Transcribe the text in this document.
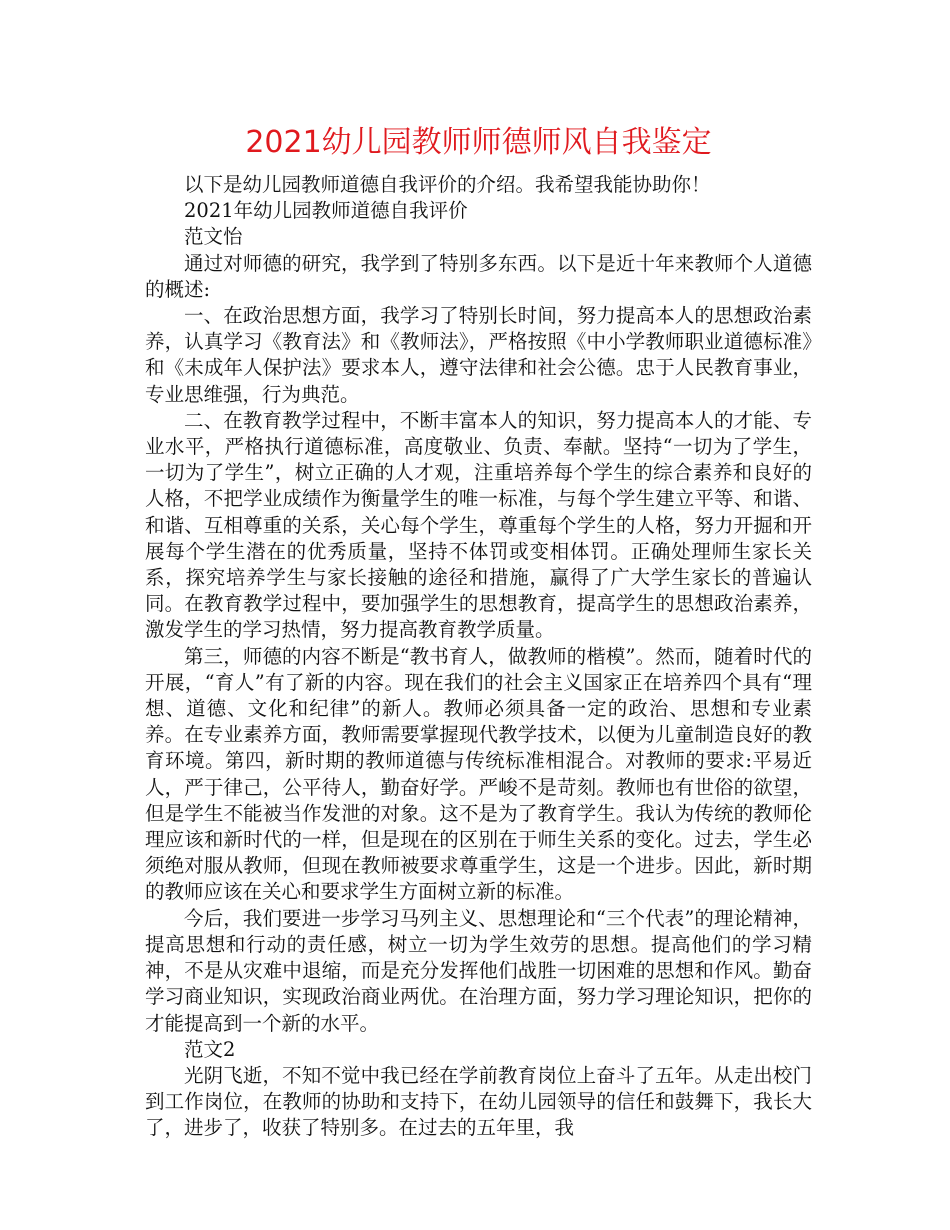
2021幼儿园教师师德师风自我鉴定

以下是幼儿园教师道德自我评价的介绍。我希望我能协助你！

2021年幼儿园教师道德自我评价

范文怡

通过对师德的研究，我学到了特别多东西。以下是近十年来教师个人道德的概述:

一、在政治思想方面，我学习了特别长时间，努力提高本人的思想政治素养，认真学习《教育法》和《教师法》，严格按照《中小学教师职业道德标准》和《未成年人保护法》要求本人，遵守法律和社会公德。忠于人民教育事业，专业思维强，行为典范。

二、在教育教学过程中，不断丰富本人的知识，努力提高本人的才能、专业水平，严格执行道德标准，高度敬业、负责、奉献。坚持“一切为了学生，一切为了学生”，树立正确的人才观，注重培养每个学生的综合素养和良好的人格，不把学业成绩作为衡量学生的唯一标准，与每个学生建立平等、和谐、和谐、互相尊重的关系，关心每个学生，尊重每个学生的人格，努力开掘和开展每个学生潜在的优秀质量，坚持不体罚或变相体罚。正确处理师生家长关系，探究培养学生与家长接触的途径和措施，赢得了广大学生家长的普遍认同。在教育教学过程中，要加强学生的思想教育，提高学生的思想政治素养，激发学生的学习热情，努力提高教育教学质量。

第三，师德的内容不断是“教书育人，做教师的楷模”。然而，随着时代的开展，“育人”有了新的内容。现在我们的社会主义国家正在培养四个具有“理想、道德、文化和纪律”的新人。教师必须具备一定的政治、思想和专业素养。在专业素养方面，教师需要掌握现代教学技术，以便为儿童制造良好的教育环境。第四，新时期的教师道德与传统标准相混合。对教师的要求:平易近人，严于律己，公平待人，勤奋好学。严峻不是苛刻。教师也有世俗的欲望，但是学生不能被当作发泄的对象。这不是为了教育学生。我认为传统的教师伦理应该和新时代的一样，但是现在的区别在于师生关系的变化。过去，学生必须绝对服从教师，但现在教师被要求尊重学生，这是一个进步。因此，新时期的教师应该在关心和要求学生方面树立新的标准。

今后，我们要进一步学习马列主义、思想理论和“三个代表”的理论精神，提高思想和行动的责任感，树立一切为学生效劳的思想。提高他们的学习精神，不是从灾难中退缩，而是充分发挥他们战胜一切困难的思想和作风。勤奋学习商业知识，实现政治商业两优。在治理方面，努力学习理论知识，把你的才能提高到一个新的水平。

范文2

光阴飞逝，不知不觉中我已经在学前教育岗位上奋斗了五年。从走出校门到工作岗位，在教师的协助和支持下，在幼儿园领导的信任和鼓舞下，我长大了，进步了，收获了特别多。在过去的五年里，我
